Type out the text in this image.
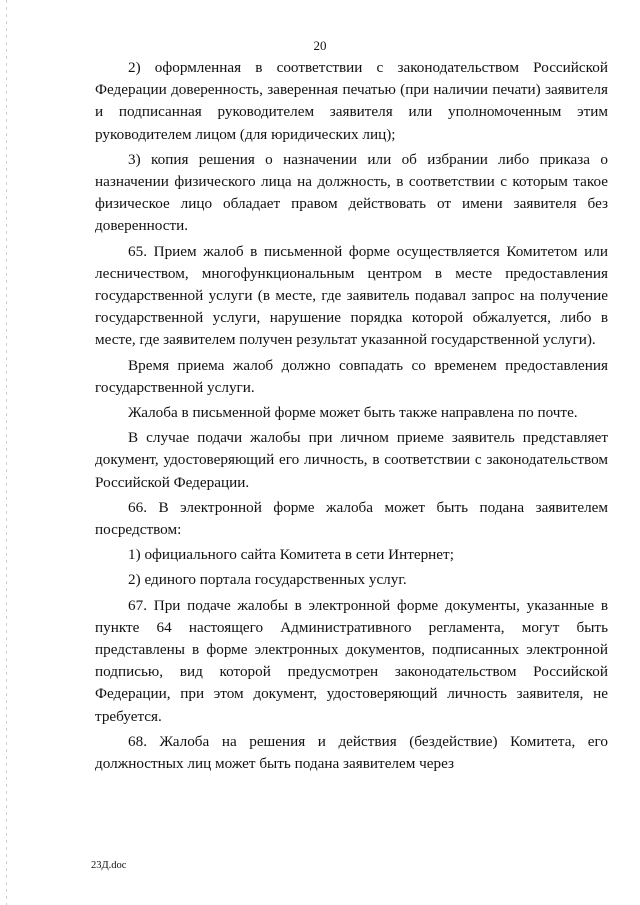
20

2) оформленная в соответствии с законодательством Российской Федерации доверенность, заверенная печатью (при наличии печати) заявителя и подписанная руководителем заявителя или уполномоченным этим руководителем лицом (для юридических лиц);

3) копия решения о назначении или об избрании либо приказа о назначении физического лица на должность, в соответствии с которым такое физическое лицо обладает правом действовать от имени заявителя без доверенности.

65. Прием жалоб в письменной форме осуществляется Комитетом или лесничеством, многофункциональным центром в месте предоставления государственной услуги (в месте, где заявитель подавал запрос на получение государственной услуги, нарушение порядка которой обжалуется, либо в месте, где заявителем получен результат указанной государственной услуги).

Время приема жалоб должно совпадать со временем предоставления государственной услуги.

Жалоба в письменной форме может быть также направлена по почте.

В случае подачи жалобы при личном приеме заявитель представляет документ, удостоверяющий его личность, в соответствии с законодательством Российской Федерации.

66. В электронной форме жалоба может быть подана заявителем посредством:

1) официального сайта Комитета в сети Интернет;

2) единого портала государственных услуг.

67. При подаче жалобы в электронной форме документы, указанные в пункте 64 настоящего Административного регламента, могут быть представлены в форме электронных документов, подписанных электронной подписью, вид которой предусмотрен законодательством Российской Федерации, при этом документ, удостоверяющий личность заявителя, не требуется.

68. Жалоба на решения и действия (бездействие) Комитета, его должностных лиц может быть подана заявителем через

23Д.doc
